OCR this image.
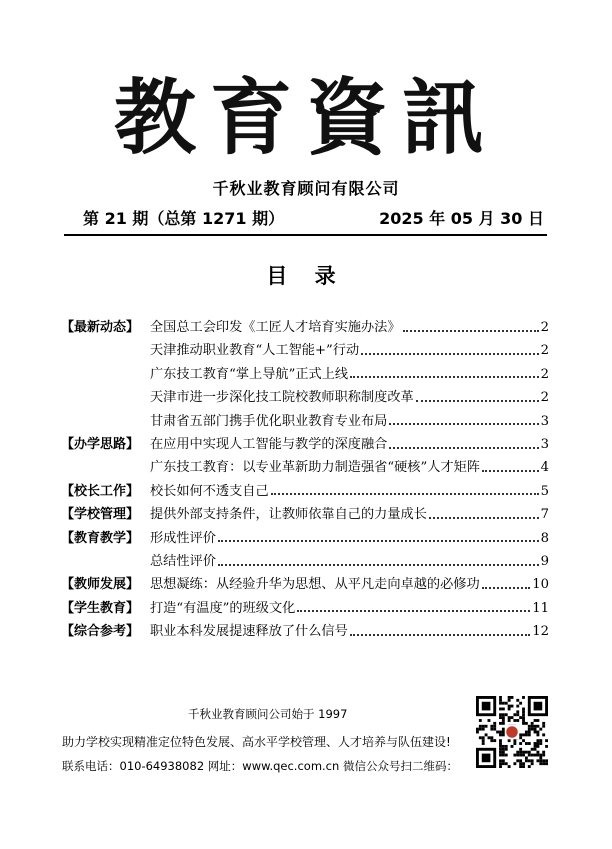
教育資訊
千秋业教育顾问有限公司
第 21 期（总第 1271 期）	2025 年 05 月 30 日
目 录
【最新动态】 全国总工会印发《工匠人才培育实施办法》	2
天津推动职业教育“人工智能+”行动	2
广东技工教育“掌上导航”正式上线	2
天津市进一步深化技工院校教师职称制度改革	2
甘肃省五部门携手优化职业教育专业布局	3
【办学思路】 在应用中实现人工智能与教学的深度融合	3
广东技工教育：以专业革新助力制造强省“硬核”人才矩阵	4
【校长工作】 校长如何不透支自己	5
【学校管理】 提供外部支持条件，让教师依靠自己的力量成长	7
【教育教学】 形成性评价	8
总结性评价	9
【教师发展】 思想凝练：从经验升华为思想、从平凡走向卓越的必修功	10
【学生教育】 打造“有温度”的班级文化	11
【综合参考】 职业本科发展提速释放了什么信号	12
千秋业教育顾问公司始于 1997
助力学校实现精准定位特色发展、高水平学校管理、人才培养与队伍建设!
联系电话：010-64938082 网址：www.qec.com.cn 微信公众号扫二维码：
